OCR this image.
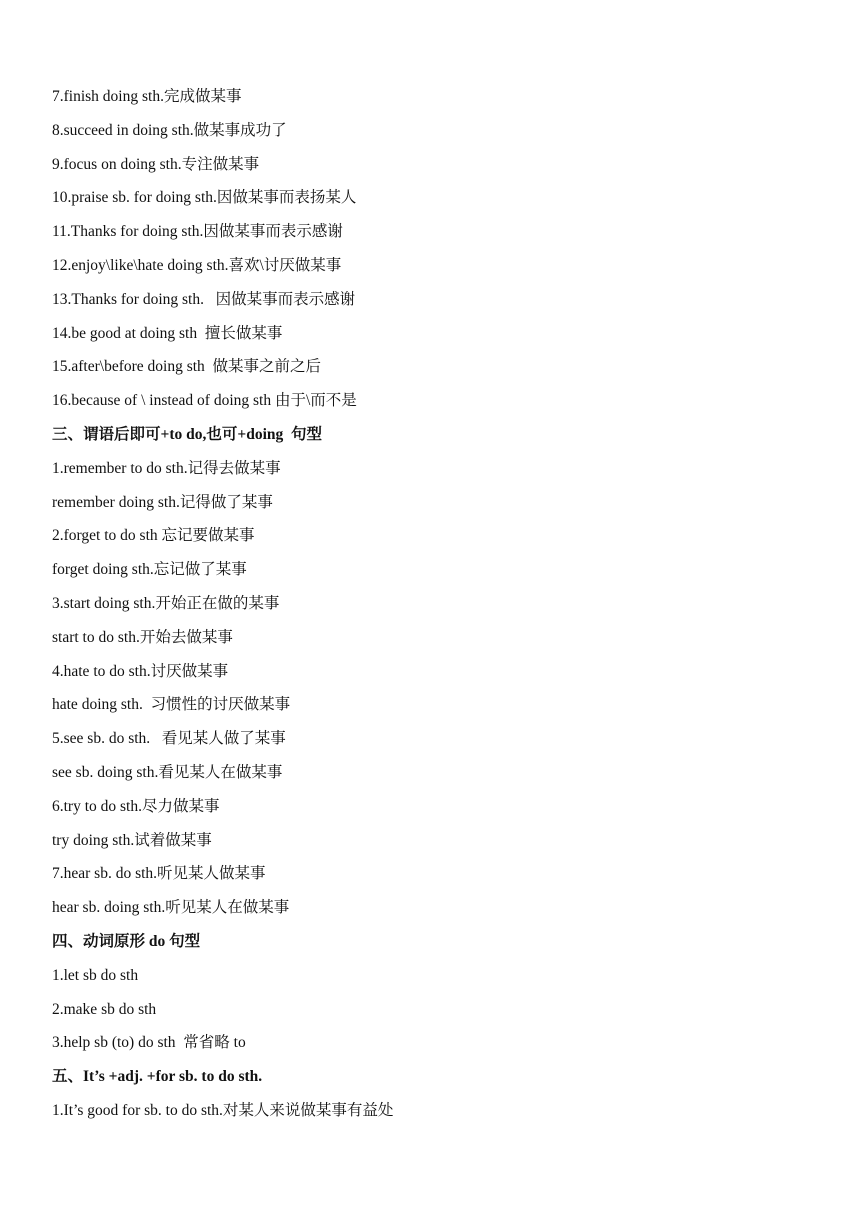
7.finish doing sth.完成做某事
8.succeed in doing sth.做某事成功了
9.focus on doing sth.专注做某事
10.praise sb. for doing sth.因做某事而表扬某人
11.Thanks for doing sth.因做某事而表示感谢
12.enjoy\like\hate doing sth.喜欢\讨厌做某事
13.Thanks for doing sth.   因做某事而表示感谢
14.be good at doing sth  擅长做某事
15.after\before doing sth  做某事之前之后
16.because of \ instead of doing sth 由于\而不是
三、谓语后即可+to do,也可+doing  句型
1.remember to do sth.记得去做某事
remember doing sth.记得做了某事
2.forget to do sth 忘记要做某事
forget doing sth.忘记做了某事
3.start doing sth.开始正在做的某事
start to do sth.开始去做某事
4.hate to do sth.讨厌做某事
hate doing sth.  习惯性的讨厌做某事
5.see sb. do sth.   看见某人做了某事
see sb. doing sth.看见某人在做某事
6.try to do sth.尽力做某事
try doing sth.试着做某事
7.hear sb. do sth.听见某人做某事
hear sb. doing sth.听见某人在做某事
四、动词原形 do 句型
1.let sb do sth
2.make sb do sth
3.help sb (to) do sth  常省略 to
五、It’s +adj. +for sb. to do sth.
1.It’s good for sb. to do sth.对某人来说做某事有益处
